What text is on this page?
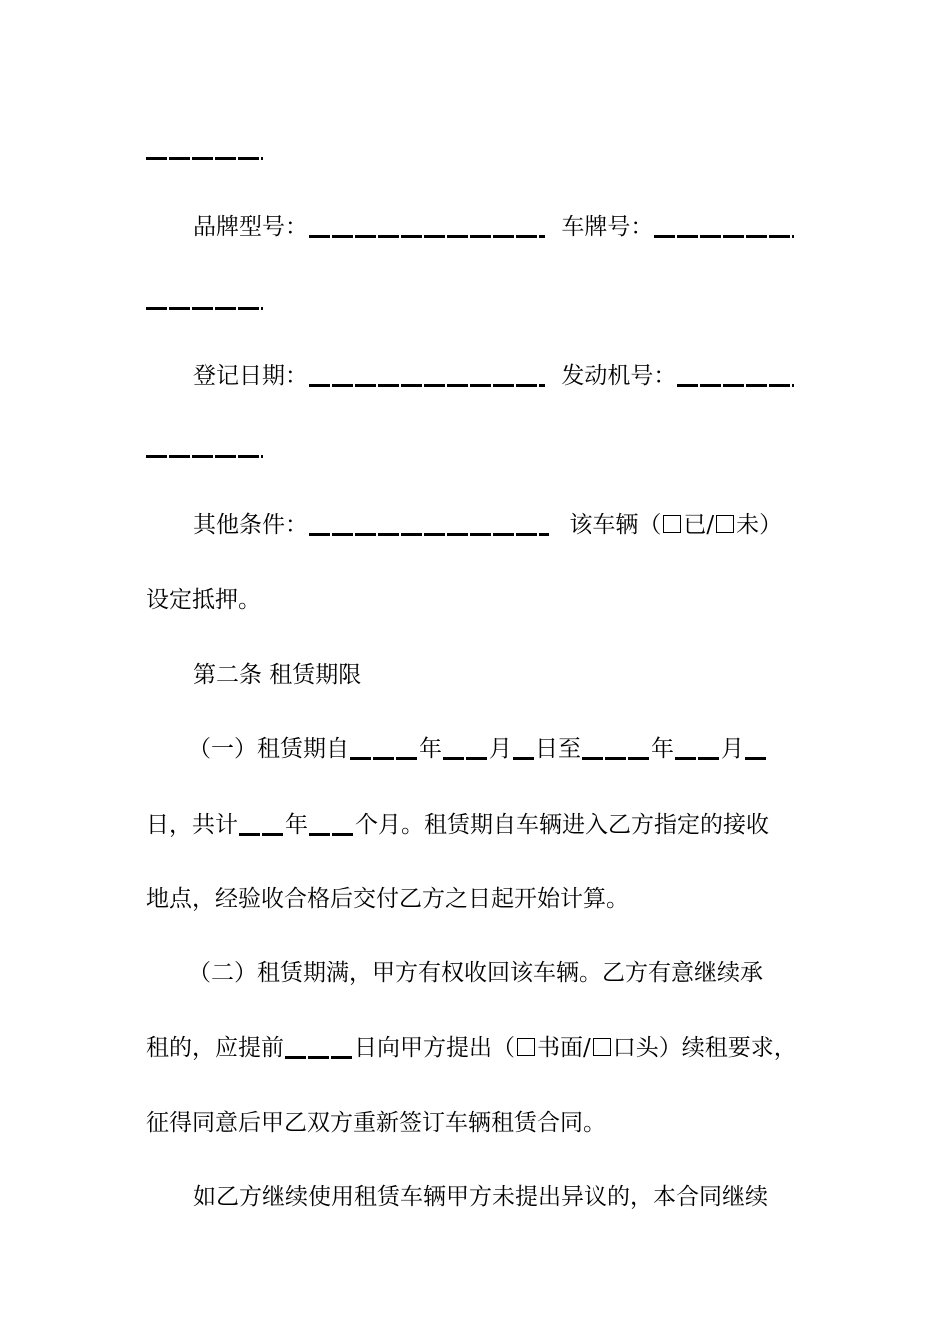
品牌型号：	车牌号：
登记日期：	发动机号：
其他条件：	该车辆（ 已/ 未）
设定抵押。
第二条 租赁期限
（一）租赁期自	年 月 日至	年 月
日，共计 年 个月。租赁期自车辆进入乙方指定的接收
地点，经验收合格后交付乙方之日起开始计算。
（二）租赁期满，甲方有权收回该车辆。乙方有意继续承
租的，应提前	日向甲方提出（ 书面/ 口头）续租要求，
征得同意后甲乙双方重新签订车辆租赁合同。
如乙方继续使用租赁车辆甲方未提出异议的，本合同继续
